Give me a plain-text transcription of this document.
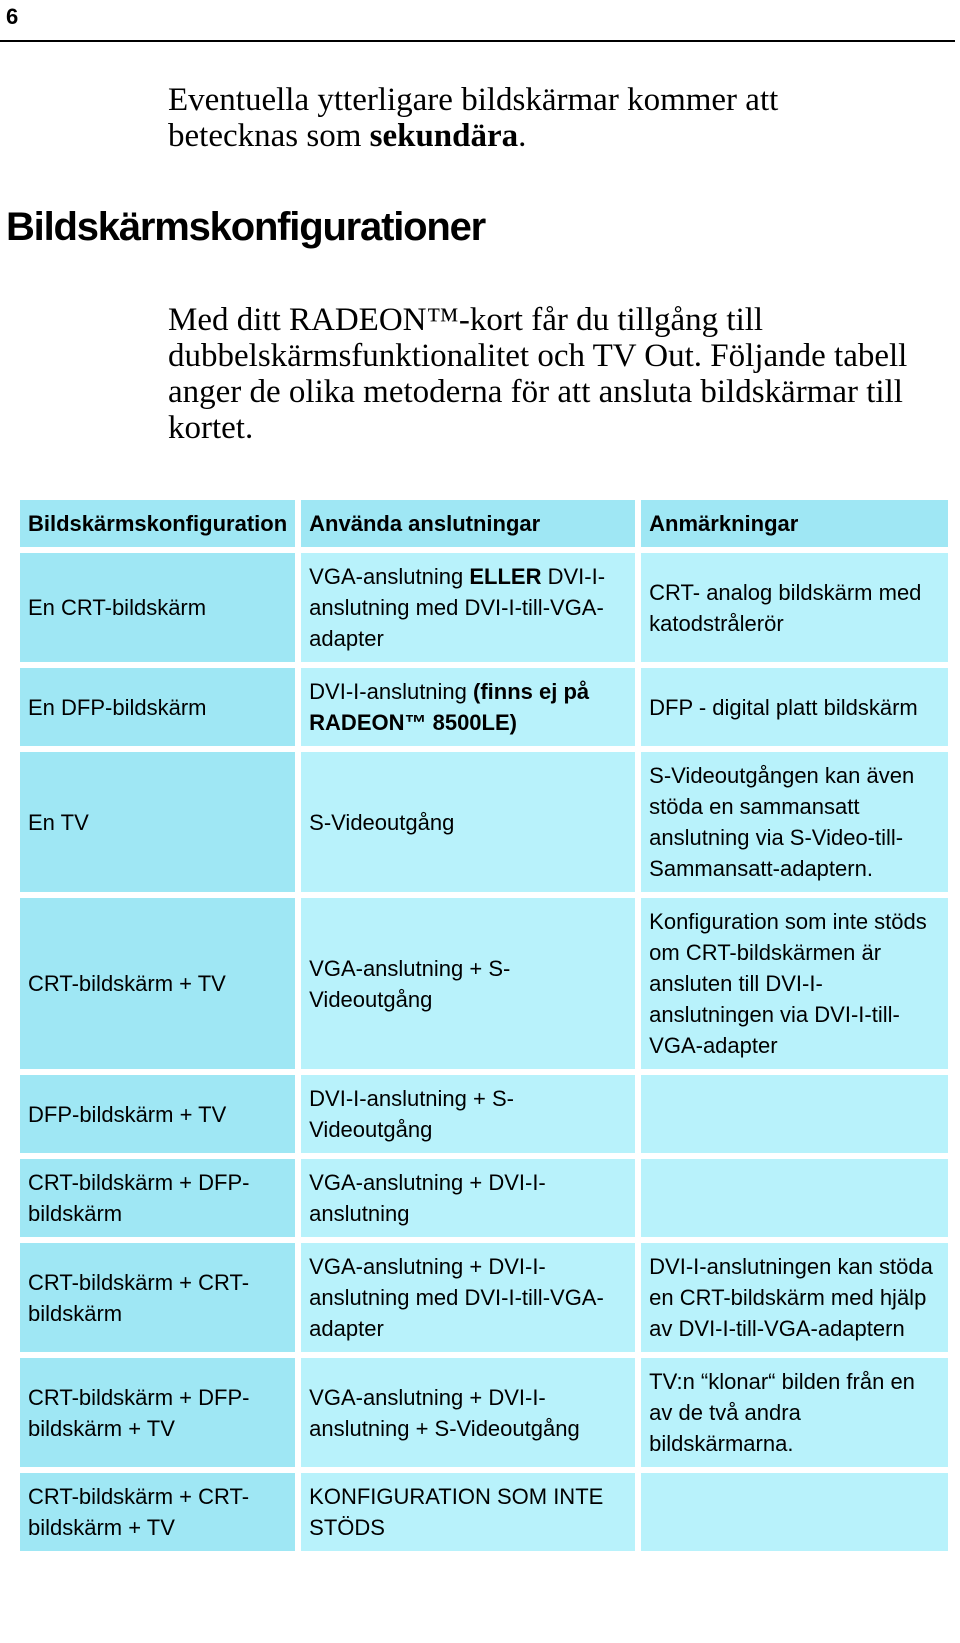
6

Eventuella ytterligare bildskärmar kommer att betecknas som sekundära.

Bildskärmskonfigurationer

Med ditt RADEON™-kort får du tillgång till dubbelskärmsfunktionalitet och TV Out. Följande tabell anger de olika metoderna för att ansluta bildskärmar till kortet.

Bildskärmskonfiguration	Använda anslutningar	Anmärkningar
En CRT-bildskärm	VGA-anslutning ELLER DVI-I-anslutning med DVI-I-till-VGA-adapter	CRT- analog bildskärm med katodstrålerör
En DFP-bildskärm	DVI-I-anslutning (finns ej på RADEON™ 8500LE)	DFP - digital platt bildskärm
En TV	S-Videoutgång	S-Videoutgången kan även stöda en sammansatt anslutning via S-Video-till-Sammansatt-adaptern.
CRT-bildskärm + TV	VGA-anslutning + S-Videoutgång	Konfiguration som inte stöds om CRT-bildskärmen är ansluten till DVI-I-anslutningen via DVI-I-till-VGA-adapter
DFP-bildskärm + TV	DVI-I-anslutning + S-Videoutgång	
CRT-bildskärm + DFP-bildskärm	VGA-anslutning + DVI-I-anslutning	
CRT-bildskärm + CRT-bildskärm	VGA-anslutning + DVI-I-anslutning med DVI-I-till-VGA-adapter	DVI-I-anslutningen kan stöda en CRT-bildskärm med hjälp av DVI-I-till-VGA-adaptern
CRT-bildskärm + DFP-bildskärm + TV	VGA-anslutning + DVI-I-anslutning + S-Videoutgång	TV:n “klonar“ bilden från en av de två andra bildskärmarna.
CRT-bildskärm + CRT-bildskärm + TV	KONFIGURATION SOM INTE STÖDS	
